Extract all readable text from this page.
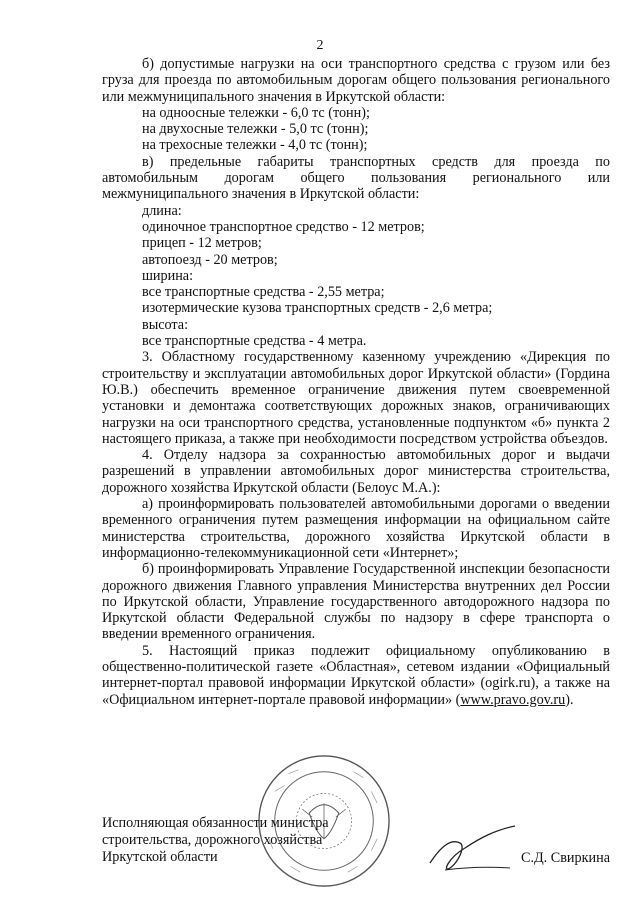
2

б) допустимые нагрузки на оси транспортного средства с грузом или без груза для проезда по автомобильным дорогам общего пользования регионального или межмуниципального значения в Иркутской области:

на одноосные тележки - 6,0 тс (тонн);

на двухосные тележки - 5,0 тс (тонн);

на трехосные тележки - 4,0 тс (тонн);

в) предельные габариты транспортных средств для проезда по автомобильным дорогам общего пользования регионального или межмуниципального значения в Иркутской области:

длина:

одиночное транспортное средство - 12 метров;

прицеп - 12 метров;

автопоезд - 20 метров;

ширина:

все транспортные средства - 2,55 метра;

изотермические кузова транспортных средств - 2,6 метра;

высота:

все транспортные средства - 4 метра.

3. Областному государственному казенному учреждению «Дирекция по строительству и эксплуатации автомобильных дорог Иркутской области» (Гордина Ю.В.) обеспечить временное ограничение движения путем своевременной установки и демонтажа соответствующих дорожных знаков, ограничивающих нагрузки на оси транспортного средства, установленные подпунктом «б» пункта 2 настоящего приказа, а также при необходимости посредством устройства объездов.

4. Отделу надзора за сохранностью автомобильных дорог и выдачи разрешений в управлении автомобильных дорог министерства строительства, дорожного хозяйства Иркутской области (Белоус М.А.):

а) проинформировать пользователей автомобильными дорогами о введении временного ограничения путем размещения информации на официальном сайте министерства строительства, дорожного хозяйства Иркутской области в информационно-телекоммуникационной сети «Интернет»;

б) проинформировать Управление Государственной инспекции безопасности дорожного движения Главного управления Министерства внутренних дел России по Иркутской области, Управление государственного автодорожного надзора по Иркутской области Федеральной службы по надзору в сфере транспорта о введении временного ограничения.

5. Настоящий приказ подлежит официальному опубликованию в общественно-политической газете «Областная», сетевом издании «Официальный интернет-портал правовой информации Иркутской области» (ogirk.ru), а также на «Официальном интернет-портале правовой информации» (www.pravo.gov.ru).

Исполняющая обязанности министра

строительства, дорожного хозяйства

Иркутской области	С.Д. Свиркина
